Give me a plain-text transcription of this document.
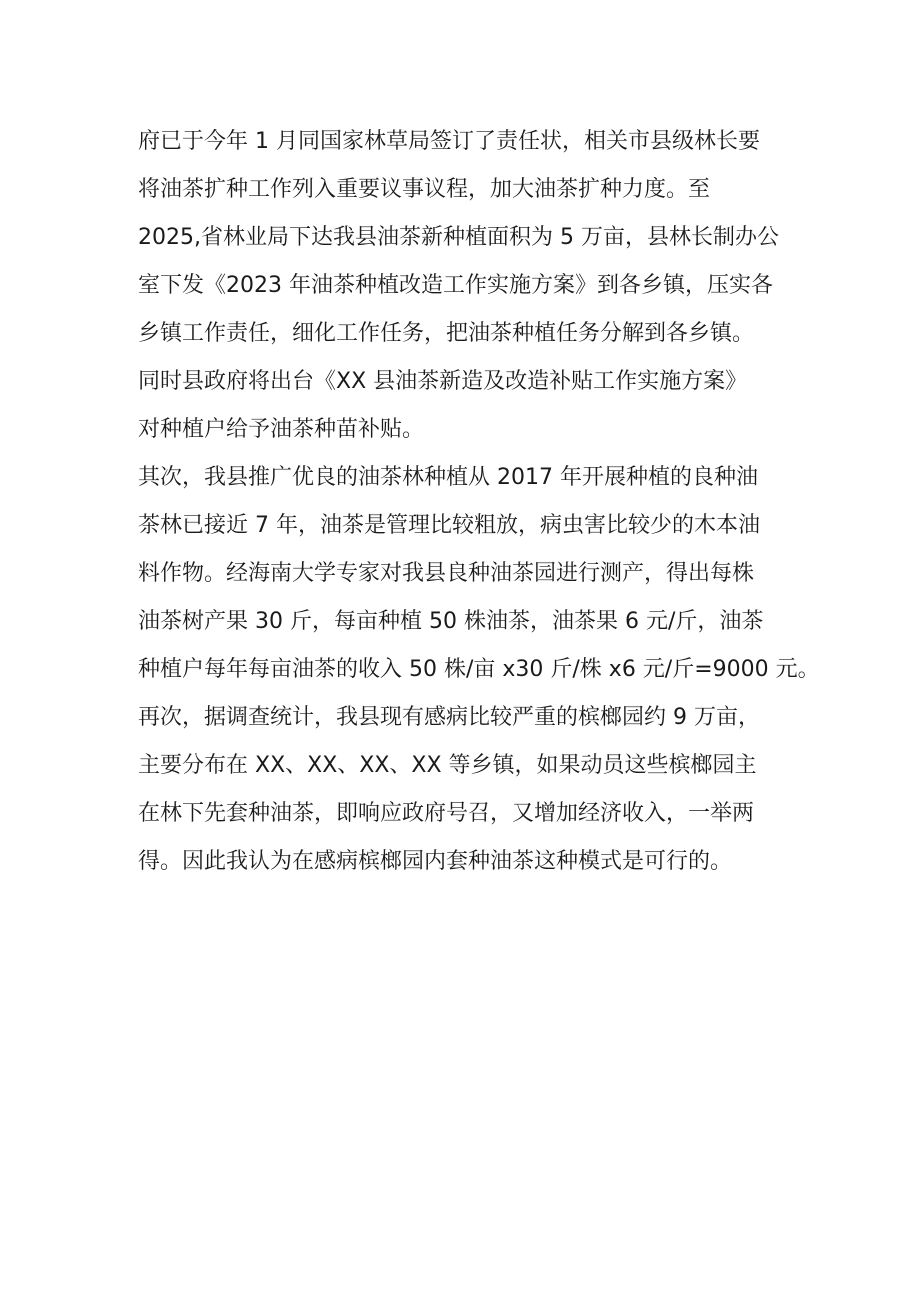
府已于今年 1 月同国家林草局签订了责任状，相关市县级林长要
将油茶扩种工作列入重要议事议程，加大油茶扩种力度。至
2025,省林业局下达我县油茶新种植面积为 5 万亩，县林长制办公
室下发《2023 年油茶种植改造工作实施方案》到各乡镇，压实各
乡镇工作责任，细化工作任务，把油茶种植任务分解到各乡镇。
同时县政府将出台《XX 县油茶新造及改造补贴工作实施方案》
对种植户给予油茶种苗补贴。
其次，我县推广优良的油茶林种植从 2017 年开展种植的良种油
茶林已接近 7 年，油茶是管理比较粗放，病虫害比较少的木本油
料作物。经海南大学专家对我县良种油茶园进行测产，得出每株
油茶树产果 30 斤，每亩种植 50 株油茶，油茶果 6 元/斤，油茶
种植户每年每亩油茶的收入 50 株/亩 x30 斤/株 x6 元/斤=9000 元。
再次，据调查统计，我县现有感病比较严重的槟榔园约 9 万亩，
主要分布在 XX、XX、XX、XX 等乡镇，如果动员这些槟榔园主
在林下先套种油茶，即响应政府号召，又增加经济收入，一举两
得。因此我认为在感病槟榔园内套种油茶这种模式是可行的。
